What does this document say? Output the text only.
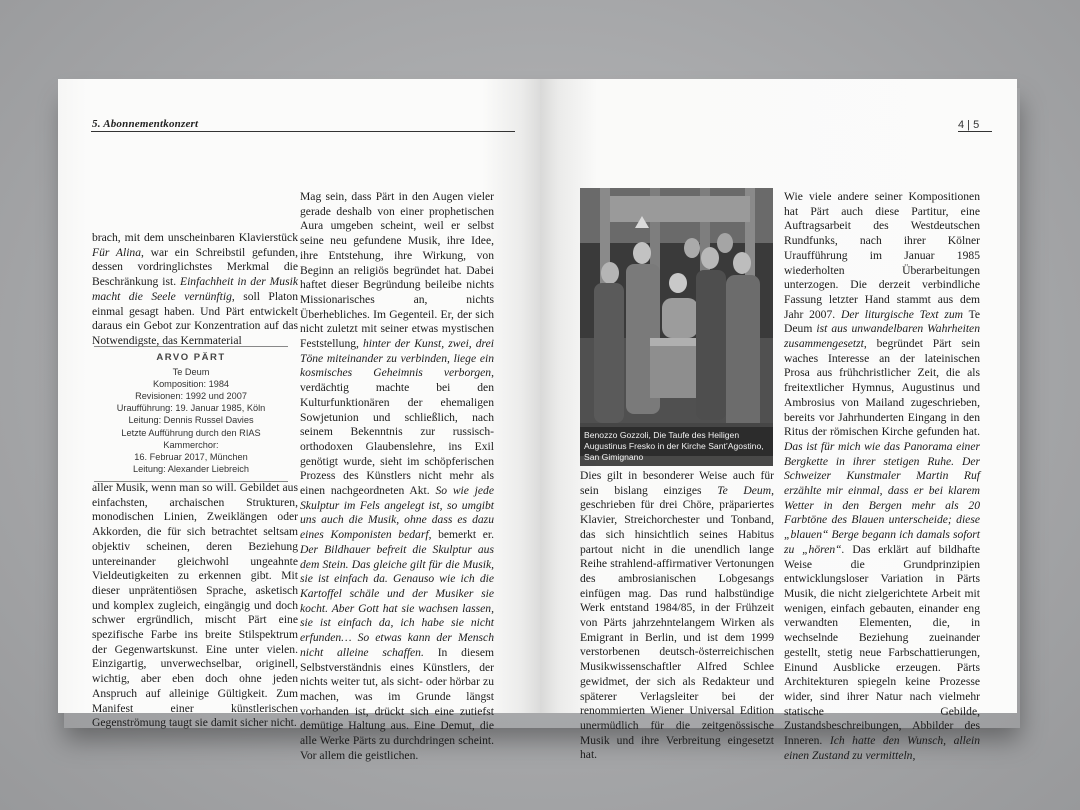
5. Abonnementkonzert

brach, mit dem unscheinbaren Klavierstück Für Alina, war ein Schreibstil gefunden, dessen vordringlichstes Merkmal die Beschränkung ist. Einfachheit in der Musik macht die Seele vernünftig, soll Platon einmal gesagt haben. Und Pärt entwickelt daraus ein Gebot zur Konzentration auf das Notwendigste, das Kernmaterial

ARVO PÄRT
Te Deum
Komposition: 1984
Revisionen: 1992 und 2007
Uraufführung: 19. Januar 1985, Köln
Leitung: Dennis Russel Davies
Letzte Aufführung durch den RIAS Kammerchor:
16. Februar 2017, München
Leitung: Alexander Liebreich

aller Musik, wenn man so will. Gebildet aus einfachsten, archaischen Strukturen, monodischen Linien, Zweiklängen oder Akkorden, die für sich betrachtet seltsam objektiv scheinen, deren Beziehung untereinander gleichwohl ungeahnte Vieldeutigkeiten zu erkennen gibt. Mit dieser unprätentiösen Sprache, asketisch und komplex zugleich, eingängig und doch schwer ergründlich, mischt Pärt eine spezifische Farbe ins breite Stilspektrum der Gegenwartskunst. Eine unter vielen. Einzigartig, unverwechselbar, originell, wichtig, aber eben doch ohne jeden Anspruch auf alleinige Gültigkeit. Zum Manifest einer künstlerischen Gegenströmung taugt sie damit sicher nicht.

Mag sein, dass Pärt in den Augen vieler gerade deshalb von einer prophetischen Aura umgeben scheint, weil er selbst seine neu gefundene Musik, ihre Idee, ihre Entstehung, ihre Wirkung, von Beginn an religiös begründet hat. Dabei haftet dieser Begründung beileibe nichts Missionarisches an, nichts Überhebliches. Im Gegenteil. Er, der sich nicht zuletzt mit seiner etwas mystischen Feststellung, hinter der Kunst, zwei, drei Töne miteinander zu verbinden, liege ein kosmisches Geheimnis verborgen, verdächtig machte bei den Kulturfunktionären der ehemaligen Sowjetunion und schließlich, nach seinem Bekenntnis zur russisch-orthodoxen Glaubenslehre, ins Exil genötigt wurde, sieht im schöpferischen Prozess des Künstlers nicht mehr als einen nachgeordneten Akt. So wie jede Skulptur im Fels angelegt ist, so umgibt uns auch die Musik, ohne dass es dazu eines Komponisten bedarf, bemerkt er. Der Bildhauer befreit die Skulptur aus dem Stein. Das gleiche gilt für die Musik, sie ist einfach da. Genauso wie ich die Kartoffel schäle und der Musiker sie kocht. Aber Gott hat sie wachsen lassen, sie ist einfach da, ich habe sie nicht erfunden… So etwas kann der Mensch nicht alleine schaffen. In diesem Selbstverständnis eines Künstlers, der nichts weiter tut, als sicht- oder hörbar zu machen, was im Grunde längst vorhanden ist, drückt sich eine zutiefst demütige Haltung aus. Eine Demut, die alle Werke Pärts zu durchdringen scheint. Vor allem die geistlichen.

4 | 5
Benozzo Gozzoli, Die Taufe des Heiligen Augustinus Fresko in der Kirche Sant’Agostino, San Gimignano

Dies gilt in besonderer Weise auch für sein bislang einziges Te Deum, geschrieben für drei Chöre, präpariertes Klavier, Streichorchester und Tonband, das sich hinsichtlich seines Habitus partout nicht in die unendlich lange Reihe strahlend-affirmativer Vertonungen des ambrosianischen Lobgesangs einfügen mag. Das rund halbstündige Werk entstand 1984/85, in der Frühzeit von Pärts jahrzehntelangem Wirken als Emigrant in Berlin, und ist dem 1999 verstorbenen deutsch-österreichischen Musikwissenschaftler Alfred Schlee gewidmet, der sich als Redakteur und späterer Verlagsleiter bei der renommierten Wiener Universal Edition unermüdlich für die zeitgenössische Musik und ihre Verbreitung eingesetzt hat.

Wie viele andere seiner Kompositionen hat Pärt auch diese Partitur, eine Auftragsarbeit des Westdeutschen Rundfunks, nach ihrer Kölner Uraufführung im Januar 1985 wiederholten Überarbeitungen unterzogen. Die derzeit verbindliche Fassung letzter Hand stammt aus dem Jahr 2007. Der liturgische Text zum Te Deum ist aus unwandelbaren Wahrheiten zusammengesetzt, begründet Pärt sein waches Interesse an der lateinischen Prosa aus frühchristlicher Zeit, die als freitextlicher Hymnus, Augustinus und Ambrosius von Mailand zugeschrieben, bereits vor Jahrhunderten Eingang in den Ritus der römischen Kirche gefunden hat. Das ist für mich wie das Panorama einer Bergkette in ihrer stetigen Ruhe. Der Schweizer Kunstmaler Martin Ruf erzählte mir einmal, dass er bei klarem Wetter in den Bergen mehr als 20 Farbtöne des Blauen unterscheide; diese „blauen“ Berge begann ich damals sofort zu „hören“. Das erklärt auf bildhafte Weise die Grundprinzipien entwicklungsloser Variation in Pärts Musik, die nicht zielgerichtete Arbeit mit wenigen, einfach gebauten, einander eng verwandten Elementen, die, in wechselnde Beziehung zueinander gestellt, stetig neue Farbschattierungen, Einund Ausblicke erzeugen. Pärts Architekturen spiegeln keine Prozesse wider, sind ihrer Natur nach vielmehr statische Gebilde, Zustandsbeschreibungen, Abbilder des Inneren. Ich hatte den Wunsch, allein einen Zustand zu vermitteln,
